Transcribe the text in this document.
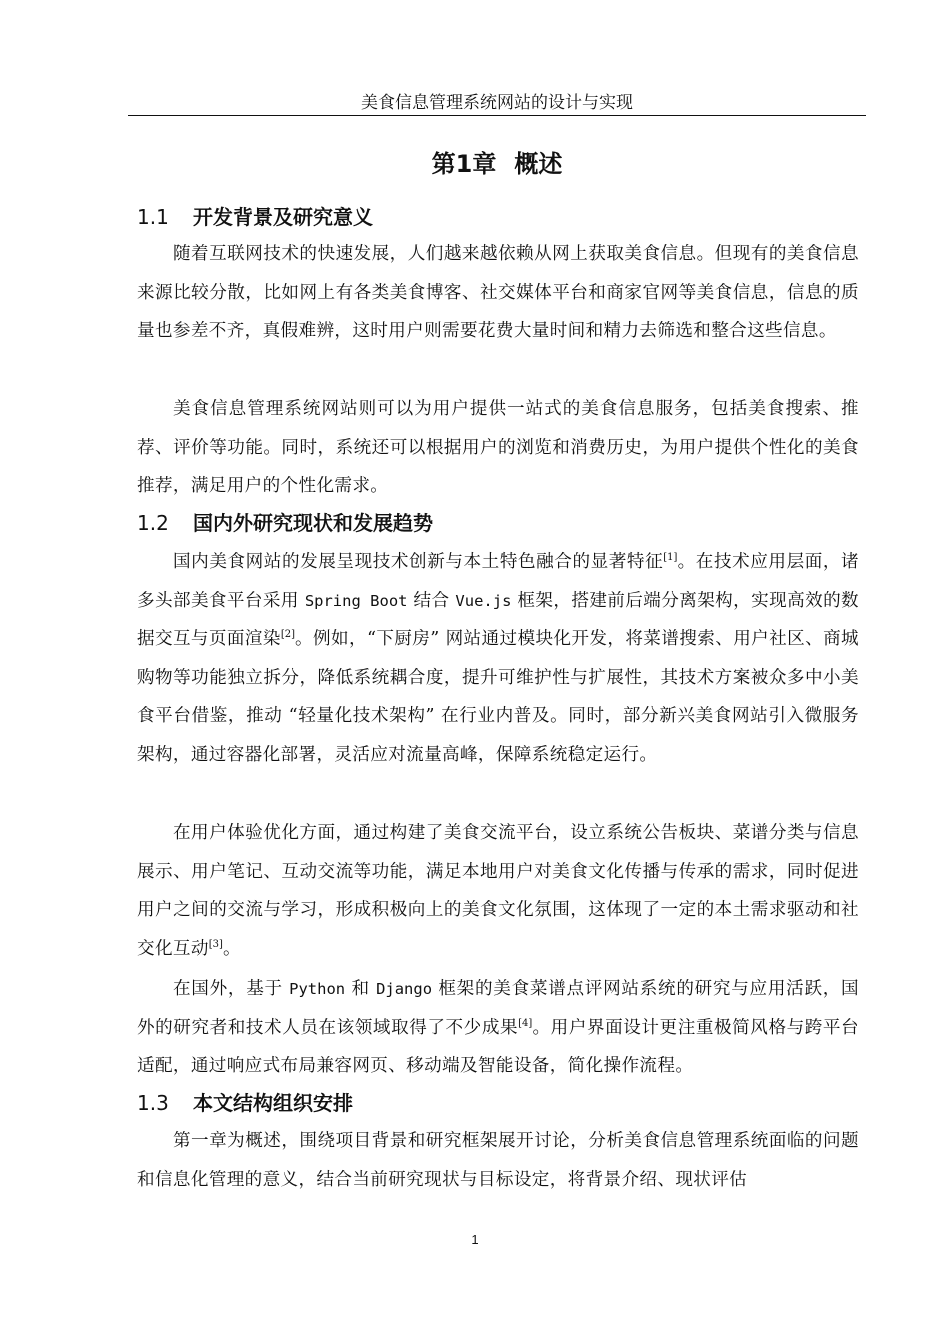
美食信息管理系统网站的设计与实现
第1章 概述
1.1 开发背景及研究意义

随着互联网技术的快速发展，人们越来越依赖从网上获取美食信息。但现有的美食信息来源比较分散，比如网上有各类美食博客、社交媒体平台和商家官网等美食信息，信息的质量也参差不齐，真假难辨，这时用户则需要花费大量时间和精力去筛选和整合这些信息。

美食信息管理系统网站则可以为用户提供一站式的美食信息服务，包括美食搜索、推荐、评价等功能。同时，系统还可以根据用户的浏览和消费历史，为用户提供个性化的美食推荐，满足用户的个性化需求。

1.2 国内外研究现状和发展趋势

国内美食网站的发展呈现技术创新与本土特色融合的显著特征[1]。在技术应用层面，诸多头部美食平台采用 Spring Boot 结合 Vue.js 框架，搭建前后端分离架构，实现高效的数据交互与页面渲染[2]。例如，“下厨房” 网站通过模块化开发，将菜谱搜索、用户社区、商城购物等功能独立拆分，降低系统耦合度，提升可维护性与扩展性，其技术方案被众多中小美食平台借鉴，推动 “轻量化技术架构” 在行业内普及。同时，部分新兴美食网站引入微服务架构，通过容器化部署，灵活应对流量高峰，保障系统稳定运行。

在用户体验优化方面，通过构建了美食交流平台，设立系统公告板块、菜谱分类与信息展示、用户笔记、互动交流等功能，满足本地用户对美食文化传播与传承的需求，同时促进用户之间的交流与学习，形成积极向上的美食文化氛围，这体现了一定的本土需求驱动和社交化互动[3]。

在国外，基于 Python 和 Django 框架的美食菜谱点评网站系统的研究与应用活跃，国外的研究者和技术人员在该领域取得了不少成果[4]。用户界面设计更注重极简风格与跨平台适配，通过响应式布局兼容网页、移动端及智能设备，简化操作流程。

1.3 本文结构组织安排

第一章为概述，围绕项目背景和研究框架展开讨论，分析美食信息管理系统面临的问题和信息化管理的意义，结合当前研究现状与目标设定，将背景介绍、现状评估

1
